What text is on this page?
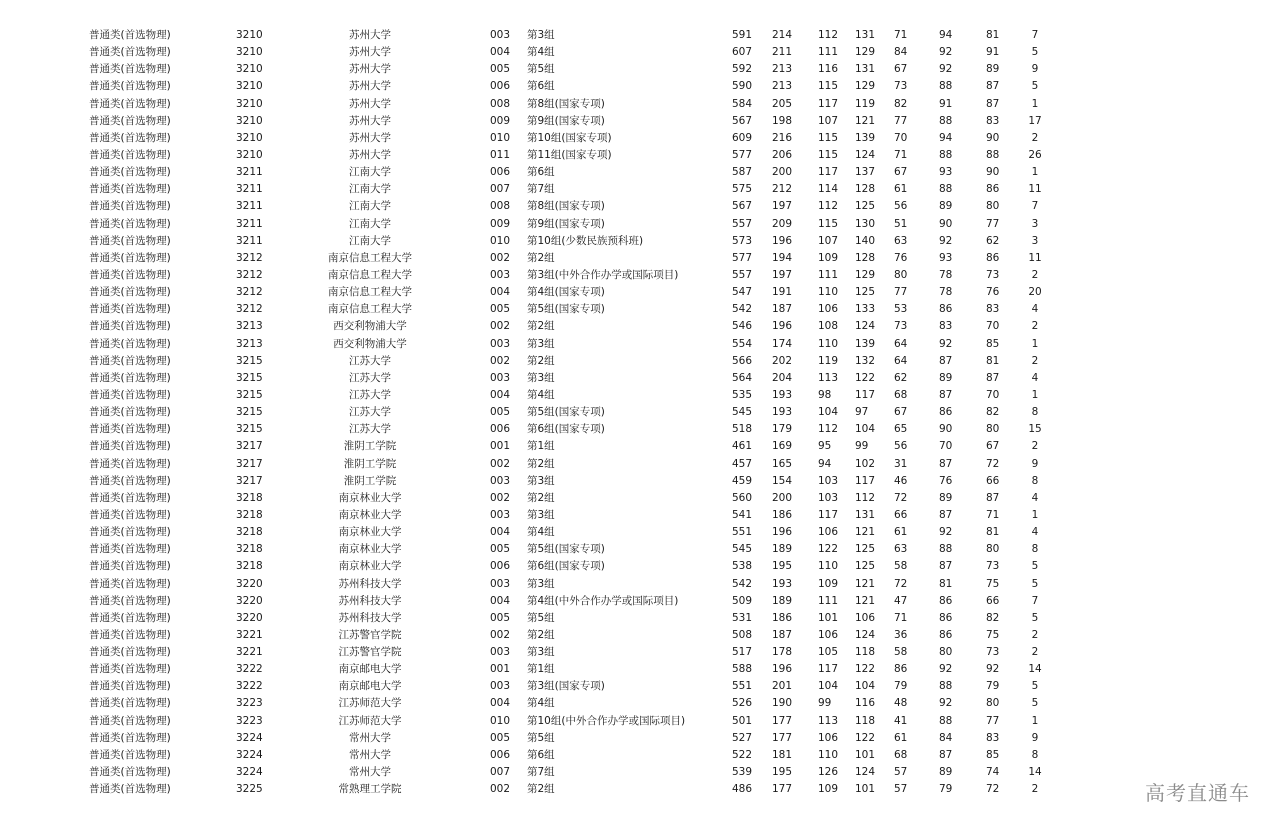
普通类(首选物理)	3210	苏州大学	003 第3组	591 214 112 131 71	94	81	7
普通类(首选物理)	3210	苏州大学	004 第4组	607 211 111 129 84	92	91	5
普通类(首选物理)	3210	苏州大学	005 第5组	592 213 116 131 67	92	89	9
普通类(首选物理)	3210	苏州大学	006 第6组	590 213 115 129 73	88	87	5
普通类(首选物理)	3210	苏州大学	008 第8组(国家专项)	584 205 117 119 82	91	87	1
普通类(首选物理)	3210	苏州大学	009 第9组(国家专项)	567 198 107 121 77	88	83	17
普通类(首选物理)	3210	苏州大学	010 第10组(国家专项)	609 216 115 139 70	94	90	2
普通类(首选物理)	3210	苏州大学	011 第11组(国家专项)	577 206 115 124 71	88	88	26
普通类(首选物理)	3211	江南大学	006 第6组	587 200 117 137 67	93	90	1
普通类(首选物理)	3211	江南大学	007 第7组	575 212 114 128 61	88	86	11
普通类(首选物理)	3211	江南大学	008 第8组(国家专项)	567 197 112 125 56	89	80	7
普通类(首选物理)	3211	江南大学	009 第9组(国家专项)	557 209 115 130 51	90	77	3
普通类(首选物理)	3211	江南大学	010 第10组(少数民族预科班)	573 196 107 140 63	92	62	3
普通类(首选物理)	3212	南京信息工程大学	002 第2组	577 194 109 128 76	93	86	11
普通类(首选物理)	3212	南京信息工程大学	003 第3组(中外合作办学或国际项目)	557 197 111 129 80	78	73	2
普通类(首选物理)	3212	南京信息工程大学	004 第4组(国家专项)	547 191 110 125 77	78	76	20
普通类(首选物理)	3212	南京信息工程大学	005 第5组(国家专项)	542 187 106 133 53	86	83	4
普通类(首选物理)	3213	西交利物浦大学	002 第2组	546 196 108 124 73	83	70	2
普通类(首选物理)	3213	西交利物浦大学	003 第3组	554 174 110 139 64	92	85	1
普通类(首选物理)	3215	江苏大学	002 第2组	566 202 119 132 64	87	81	2
普通类(首选物理)	3215	江苏大学	003 第3组	564 204 113 122 62	89	87	4
普通类(首选物理)	3215	江苏大学	004 第4组	535 193 98 117 68	87	70	1
普通类(首选物理)	3215	江苏大学	005 第5组(国家专项)	545 193 104 97 67	86	82	8
普通类(首选物理)	3215	江苏大学	006 第6组(国家专项)	518 179 112 104 65	90	80	15
普通类(首选物理)	3217	淮阴工学院	001 第1组	461 169 95 99 56	70	67	2
普通类(首选物理)	3217	淮阴工学院	002 第2组	457 165 94 102 31	87	72	9
普通类(首选物理)	3217	淮阴工学院	003 第3组	459 154 103 117 46	76	66	8
普通类(首选物理)	3218	南京林业大学	002 第2组	560 200 103 112 72	89	87	4
普通类(首选物理)	3218	南京林业大学	003 第3组	541 186 117 131 66	87	71	1
普通类(首选物理)	3218	南京林业大学	004 第4组	551 196 106 121 61	92	81	4
普通类(首选物理)	3218	南京林业大学	005 第5组(国家专项)	545 189 122 125 63	88	80	8
普通类(首选物理)	3218	南京林业大学	006 第6组(国家专项)	538 195 110 125 58	87	73	5
普通类(首选物理)	3220	苏州科技大学	003 第3组	542 193 109 121 72	81	75	5
普通类(首选物理)	3220	苏州科技大学	004 第4组(中外合作办学或国际项目)	509 189 111 121 47	86	66	7
普通类(首选物理)	3220	苏州科技大学	005 第5组	531 186 101 106 71	86	82	5
普通类(首选物理)	3221	江苏警官学院	002 第2组	508 187 106 124 36	86	75	2
普通类(首选物理)	3221	江苏警官学院	003 第3组	517 178 105 118 58	80	73	2
普通类(首选物理)	3222	南京邮电大学	001 第1组	588 196 117 122 86	92	92	14
普通类(首选物理)	3222	南京邮电大学	003 第3组(国家专项)	551 201 104 104 79	88	79	5
普通类(首选物理)	3223	江苏师范大学	004 第4组	526 190 99 116 48	92	80	5
普通类(首选物理)	3223	江苏师范大学	010 第10组(中外合作办学或国际项目)	501 177 113 118 41	88	77	1
普通类(首选物理)	3224	常州大学	005 第5组	527 177 106 122 61	84	83	9
普通类(首选物理)	3224	常州大学	006 第6组	522 181 110 101 68	87	85	8
普通类(首选物理)	3224	常州大学	007 第7组	539 195 126 124 57	89	74	14
普通类(首选物理)	3225	常熟理工学院	002 第2组	486 177 109 101 57	79	72	2	高考直通车
